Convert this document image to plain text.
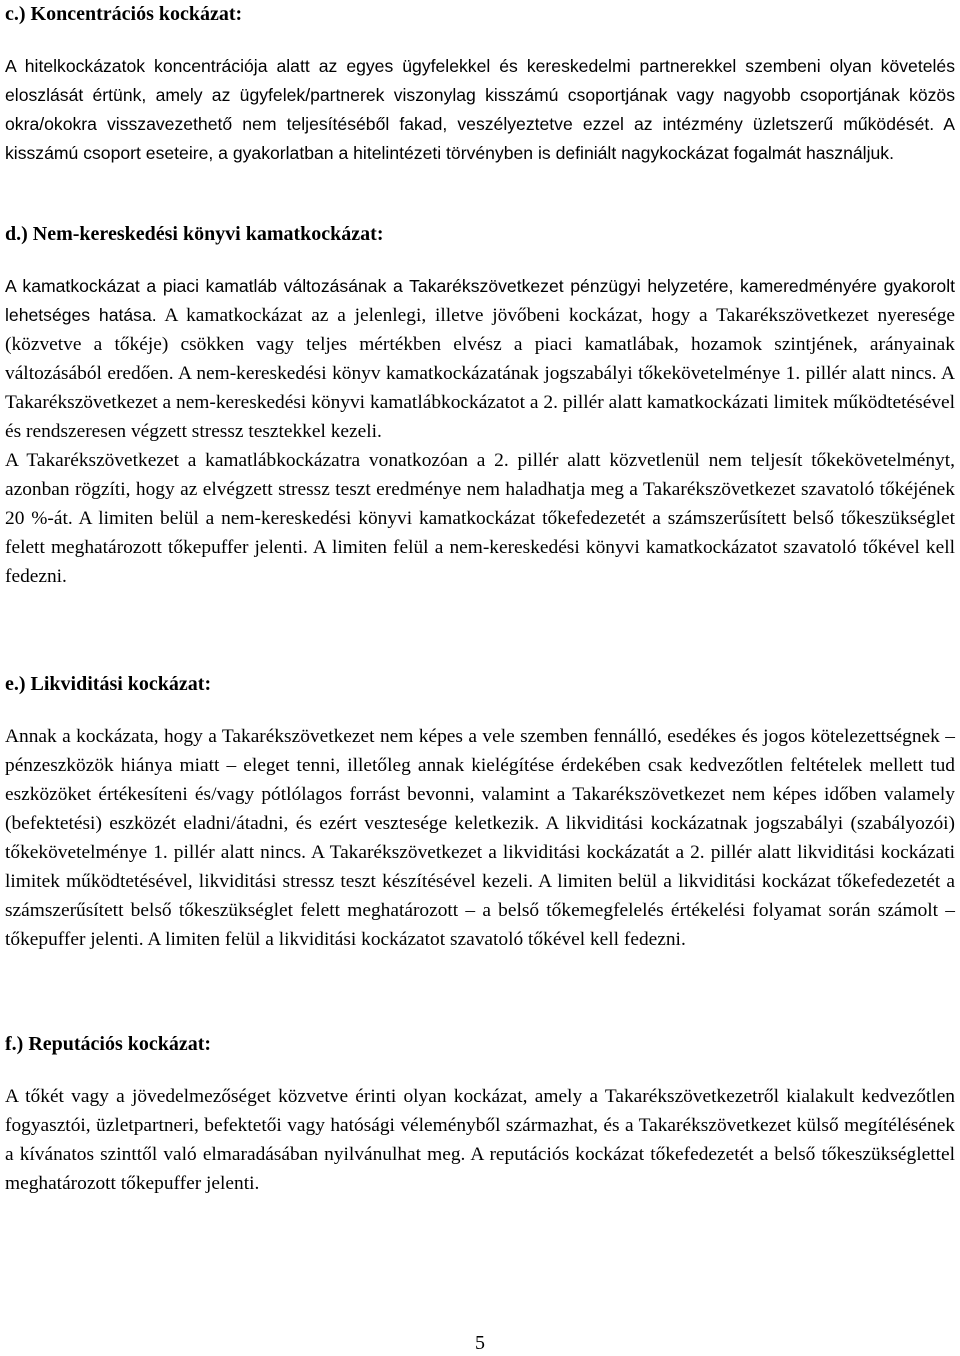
c.) Koncentrációs kockázat:

A hitelkockázatok koncentrációja alatt az egyes ügyfelekkel és kereskedelmi partnerekkel szembeni olyan követelés eloszlását értünk, amely az ügyfelek/partnerek viszonylag kisszámú csoportjának vagy nagyobb csoportjának közös okra/okokra visszavezethető nem teljesítéséből fakad, veszélyeztetve ezzel az intézmény üzletszerű működését. A kisszámú csoport eseteire, a gyakorlatban a hitelintézeti törvényben is definiált nagykockázat fogalmát használjuk.

d.) Nem-kereskedési könyvi kamatkockázat:

A kamatkockázat a piaci kamatláb változásának a Takarékszövetkezet pénzügyi helyzetére, kameredményére gyakorolt lehetséges hatása. A kamatkockázat az a jelenlegi, illetve jövőbeni kockázat, hogy a Takarékszövetkezet nyeresége (közvetve a tőkéje) csökken vagy teljes mértékben elvész a piaci kamatlábak, hozamok szintjének, arányainak változásából eredően. A nem-kereskedési könyv kamatkockázatának jogszabályi tőkekövetelménye 1. pillér alatt nincs. A Takarékszövetkezet a nem-kereskedési könyvi kamatlábkockázatot a 2. pillér alatt kamatkockázati limitek működtetésével és rendszeresen végzett stressz tesztekkel kezeli.

A Takarékszövetkezet a kamatlábkockázatra vonatkozóan a 2. pillér alatt közvetlenül nem teljesít tőkekövetelményt, azonban rögzíti, hogy az elvégzett stressz teszt eredménye nem haladhatja meg a Takarékszövetkezet szavatoló tőkéjének 20 %-át. A limiten belül a nem-kereskedési könyvi kamatkockázat tőkefedezetét a számszerűsített belső tőkeszükséglet felett meghatározott tőkepuffer jelenti. A limiten felül a nem-kereskedési könyvi kamatkockázatot szavatoló tőkével kell fedezni.

e.) Likviditási kockázat:

Annak a kockázata, hogy a Takarékszövetkezet nem képes a vele szemben fennálló, esedékes és jogos kötelezettségnek – pénzeszközök hiánya miatt – eleget tenni, illetőleg annak kielégítése érdekében csak kedvezőtlen feltételek mellett tud eszközöket értékesíteni és/vagy pótlólagos forrást bevonni, valamint a Takarékszövetkezet nem képes időben valamely (befektetési) eszközét eladni/átadni, és ezért vesztesége keletkezik. A likviditási kockázatnak jogszabályi (szabályozói) tőkekövetelménye 1. pillér alatt nincs. A Takarékszövetkezet a likviditási kockázatát a 2. pillér alatt likviditási kockázati limitek működtetésével, likviditási stressz teszt készítésével kezeli. A limiten belül a likviditási kockázat tőkefedezetét a számszerűsített belső tőkeszükséglet felett meghatározott – a belső tőkemegfelelés értékelési folyamat során számolt – tőkepuffer jelenti. A limiten felül a likviditási kockázatot szavatoló tőkével kell fedezni.

f.) Reputációs kockázat:

A tőkét vagy a jövedelmezőséget közvetve érinti olyan kockázat, amely a Takarékszövetkezetről kialakult kedvezőtlen fogyasztói, üzletpartneri, befektetői vagy hatósági véleményből származhat, és a Takarékszövetkezet külső megítélésének a kívánatos szinttől való elmaradásában nyilvánulhat meg. A reputációs kockázat tőkefedezetét a belső tőkeszükséglettel meghatározott tőkepuffer jelenti.

5
